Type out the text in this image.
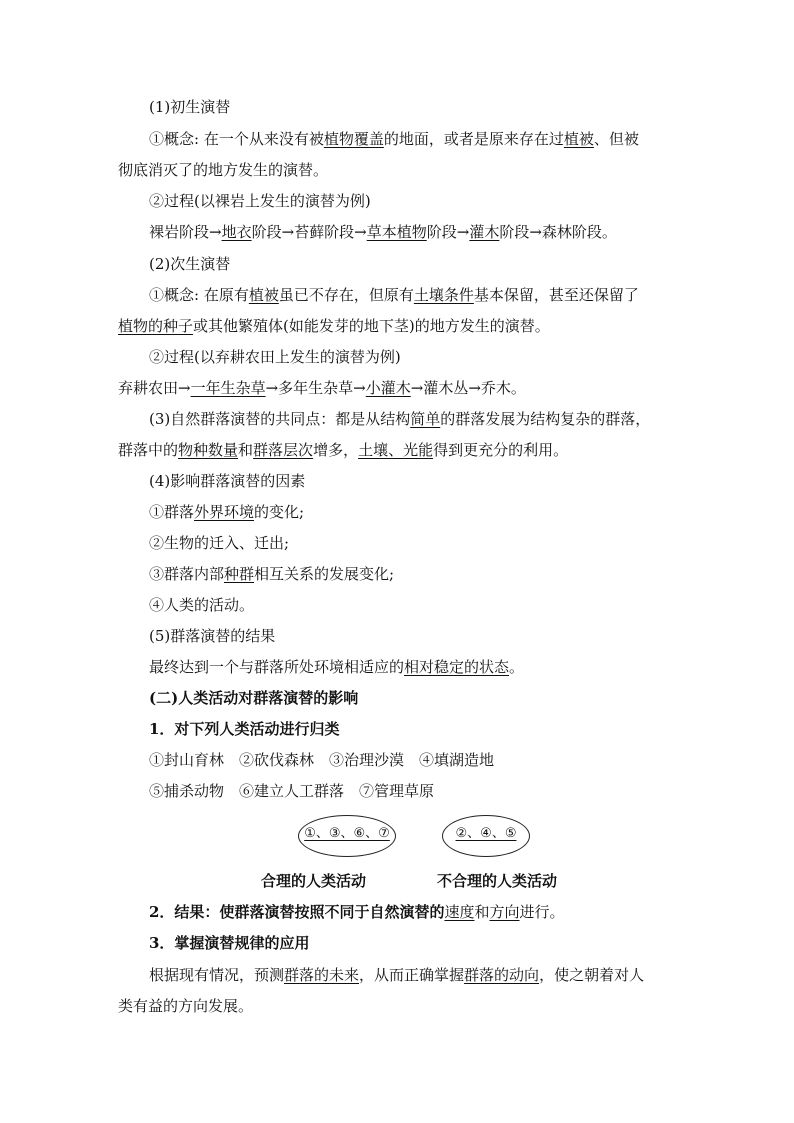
(1)初生演替
①概念: 在一个从来没有被植物覆盖的地面，或者是原来存在过植被、但被
彻底消灭了的地方发生的演替。
②过程(以裸岩上发生的演替为例)
裸岩阶段→地衣阶段→苔藓阶段→草本植物阶段→灌木阶段→森林阶段。
(2)次生演替
①概念: 在原有植被虽已不存在，但原有土壤条件基本保留，甚至还保留了
植物的种子或其他繁殖体(如能发芽的地下茎)的地方发生的演替。
②过程(以弃耕农田上发生的演替为例)
弃耕农田→一年生杂草→多年生杂草→小灌木→灌木丛→乔木。
(3)自然群落演替的共同点：都是从结构简单的群落发展为结构复杂的群落，
群落中的物种数量和群落层次增多，土壤、光能得到更充分的利用。
(4)影响群落演替的因素
①群落外界环境的变化;
②生物的迁入、迁出;
③群落内部种群相互关系的发展变化;
④人类的活动。
(5)群落演替的结果
最终达到一个与群落所处环境相适应的相对稳定的状态。
(二)人类活动对群落演替的影响
1．对下列人类活动进行归类
①封山育林　②砍伐森林　③治理沙漠　④填湖造地
⑤捕杀动物　⑥建立人工群落　⑦管理草原
①、③、⑥、⑦	②、④、⑤
合理的人类活动	不合理的人类活动
2．结果：使群落演替按照不同于自然演替的速度和方向进行。
3．掌握演替规律的应用
根据现有情况，预测群落的未来，从而正确掌握群落的动向，使之朝着对人
类有益的方向发展。
